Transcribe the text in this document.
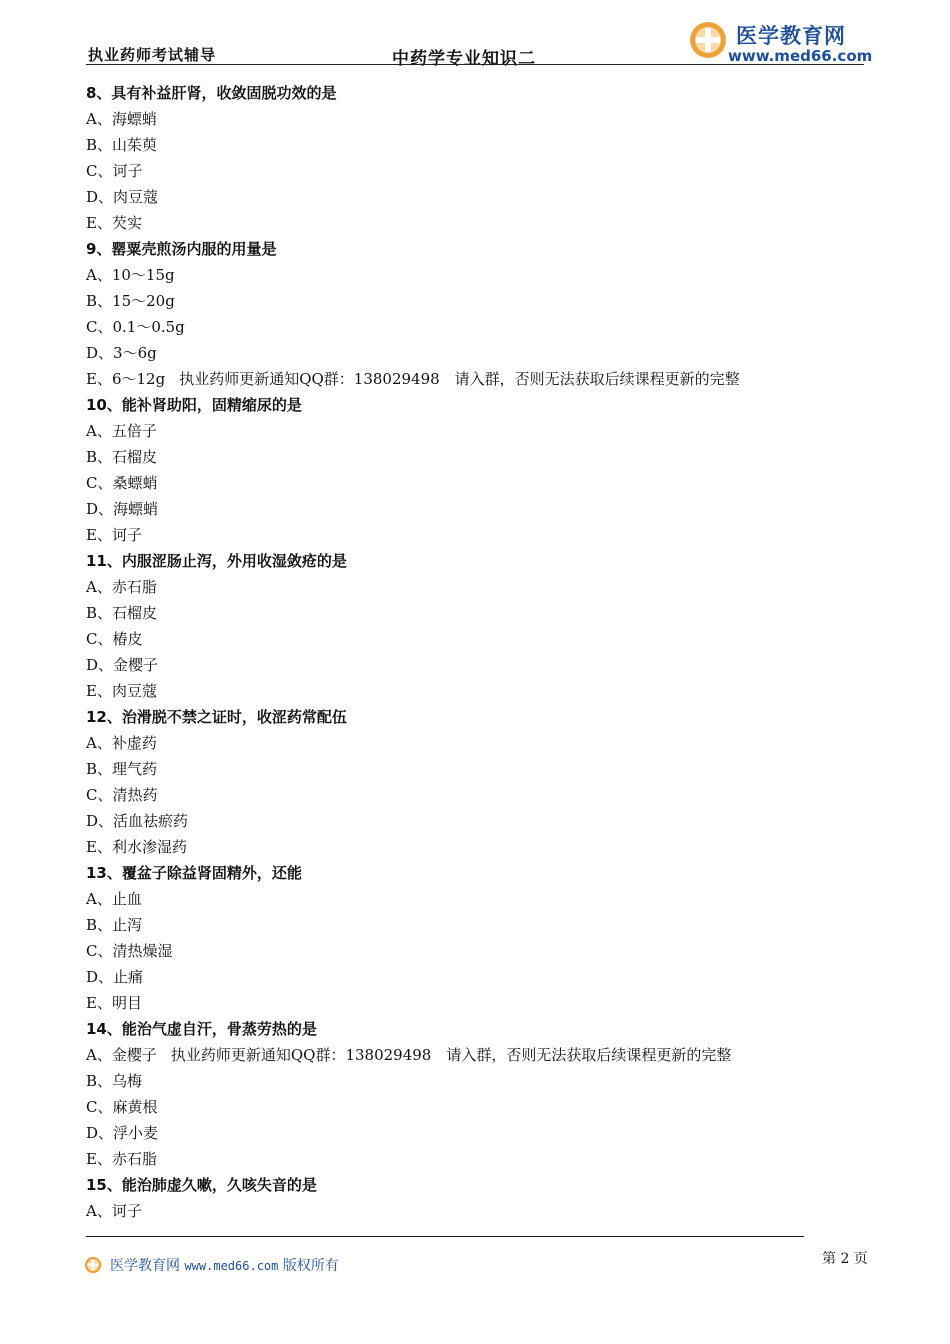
执业药师考试辅导	中药学专业知识二
医学教育网
www.med66.com
8、具有补益肝肾，收敛固脱功效的是
A、海螵蛸
B、山茱萸
C、诃子
D、肉豆蔻
E、芡实
9、罂粟壳煎汤内服的用量是
A、10～15g
B、15～20g
C、0.1～0.5g
D、3～6g
E、6～12g 执业药师更新通知QQ群：138029498　请入群，否则无法获取后续课程更新的完整
10、能补肾助阳，固精缩尿的是
A、五倍子
B、石榴皮
C、桑螵蛸
D、海螵蛸
E、诃子
11、内服涩肠止泻，外用收湿敛疮的是
A、赤石脂
B、石榴皮
C、椿皮
D、金樱子
E、肉豆蔻
12、治滑脱不禁之证时，收涩药常配伍
A、补虚药
B、理气药
C、清热药
D、活血祛瘀药
E、利水渗湿药
13、覆盆子除益肾固精外，还能
A、止血
B、止泻
C、清热燥湿
D、止痛
E、明目
14、能治气虚自汗，骨蒸劳热的是
A、金樱子 执业药师更新通知QQ群：138029498　请入群，否则无法获取后续课程更新的完整
B、乌梅
C、麻黄根
D、浮小麦
E、赤石脂
15、能治肺虚久嗽，久咳失音的是
A、诃子
医学教育网 www.med66.com 版权所有	第 2 页
